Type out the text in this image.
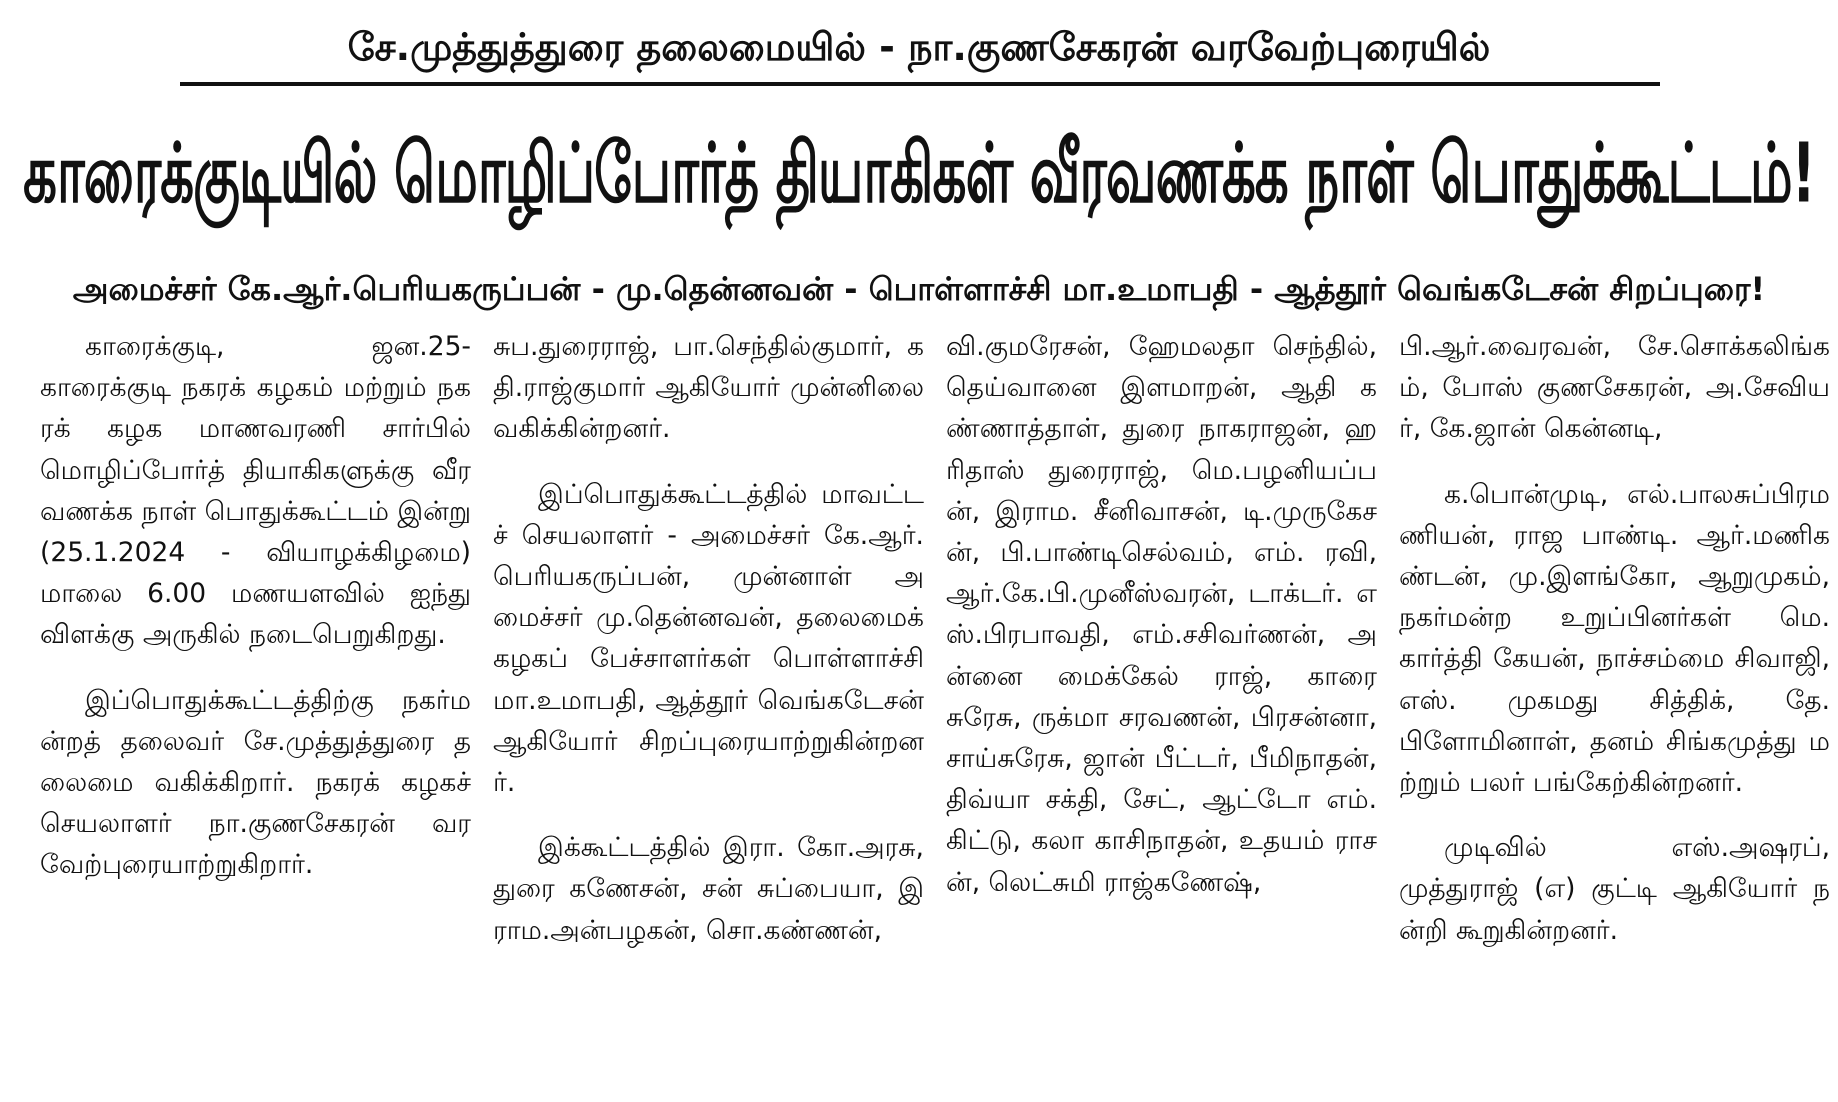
சே.முத்துத்துரை தலைமையில் - நா.குணசேகரன் வரவேற்புரையில்
காரைக்குடியில் மொழிப்போர்த் தியாகிகள் வீரவணக்க நாள் பொதுக்கூட்டம்!
அமைச்சர் கே.ஆர்.பெரியகருப்பன் - மு.தென்னவன் - பொள்ளாச்சி மா.உமாபதி - ஆத்தூர் வெங்கடேசன் சிறப்புரை!

காரைக்குடி, ஜன.25- காரைக்குடி நகரக் கழகம் மற்றும் நகரக் கழக மாணவரணி சார்பில் மொழிப்போர்த் தியாகிகளுக்கு வீரவணக்க நாள் பொதுக்கூட்டம் இன்று (25.1.2024 - வியாழக்கிழமை) மாலை 6.00 மணயளவில் ஐந்து விளக்கு அருகில் நடைபெறுகிறது.

இப்பொதுக்கூட்டத்திற்கு நகர்மன்றத் தலைவர் சே.முத்துத்துரை தலைமை வகிக்கிறார். நகரக் கழகச் செயலாளர் நா.குணசேகரன் வரவேற்புரையாற்றுகிறார்.

சுப.துரைராஜ், பா.செந்தில்குமார், கதி.ராஜ்குமார் ஆகியோர் முன்னிலை வகிக்கின்றனர்.

இப்பொதுக்கூட்டத்தில் மாவட்டச் செயலாளர் - அமைச்சர் கே.ஆர்.பெரியகருப்பன், முன்னாள் அமைச்சர் மு.தென்னவன், தலைமைக் கழகப் பேச்சாளர்கள் பொள்ளாச்சி மா.உமாபதி, ஆத்தூர் வெங்கடேசன் ஆகியோர் சிறப்புரையாற்றுகின்றனர்.

இக்கூட்டத்தில் இரா. கோ.அரசு, துரை கணேசன், சன் சுப்பையா, இராம.அன்பழகன், சொ.கண்ணன்,

வி.குமரேசன், ஹேமலதா செந்தில், தெய்வானை இளமாறன், ஆதி கண்ணாத்தாள், துரை நாகராஜன், ஹரிதாஸ் துரைராஜ், மெ.பழனியப்பன், இராம. சீனிவாசன், டி.முருகேசன், பி.பாண்டிசெல்வம், எம். ரவி, ஆர்.கே.பி.முனீஸ்வரன், டாக்டர். எஸ்.பிரபாவதி, எம்.சசிவர்ணன், அன்னை மைக்கேல் ராஜ், காரை சுரேசு, ருக்மா சரவணன், பிரசன்னா, சாய்சுரேசு, ஜான் பீட்டர், பீமிநாதன், திவ்யா சக்தி, சேட், ஆட்டோ எம்.கிட்டு, கலா காசிநாதன், உதயம் ராசன், லெட்சுமி ராஜ்கணேஷ்,

பி.ஆர்.வைரவன், சே.சொக்கலிங்கம், போஸ் குணசேகரன், அ.சேவியர், கே.ஜான் கென்னடி,

க.பொன்முடி, எல்.பாலசுப்பிரமணியன், ராஜ பாண்டி. ஆர்.மணிகண்டன், மு.இளங்கோ, ஆறுமுகம், நகர்மன்ற உறுப்பினர்கள் மெ.கார்த்தி கேயன், நாச்சம்மை சிவாஜி, எஸ். முகமது சித்திக், தே.பிளோமினாள், தனம் சிங்கமுத்து மற்றும் பலர் பங்கேற்கின்றனர்.

முடிவில் எஸ்.அஷரப், முத்துராஜ் (எ) குட்டி ஆகியோர் நன்றி கூறுகின்றனர்.
